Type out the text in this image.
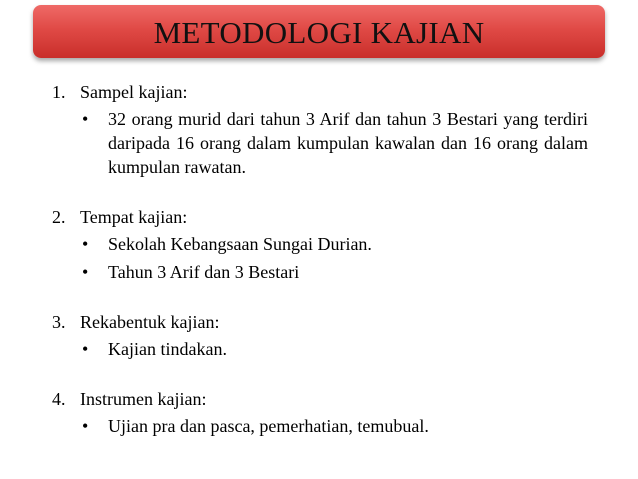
METODOLOGI KAJIAN
1. Sampel kajian:
•	32 orang murid dari tahun 3 Arif dan tahun 3 Bestari yang terdiri daripada 16 orang dalam kumpulan kawalan dan 16 orang dalam kumpulan rawatan.
2. Tempat kajian:
•	Sekolah Kebangsaan Sungai Durian.
•	Tahun 3 Arif dan 3 Bestari
3. Rekabentuk kajian:
•	Kajian tindakan.
4. Instrumen kajian:
•	Ujian pra dan pasca, pemerhatian, temubual.
